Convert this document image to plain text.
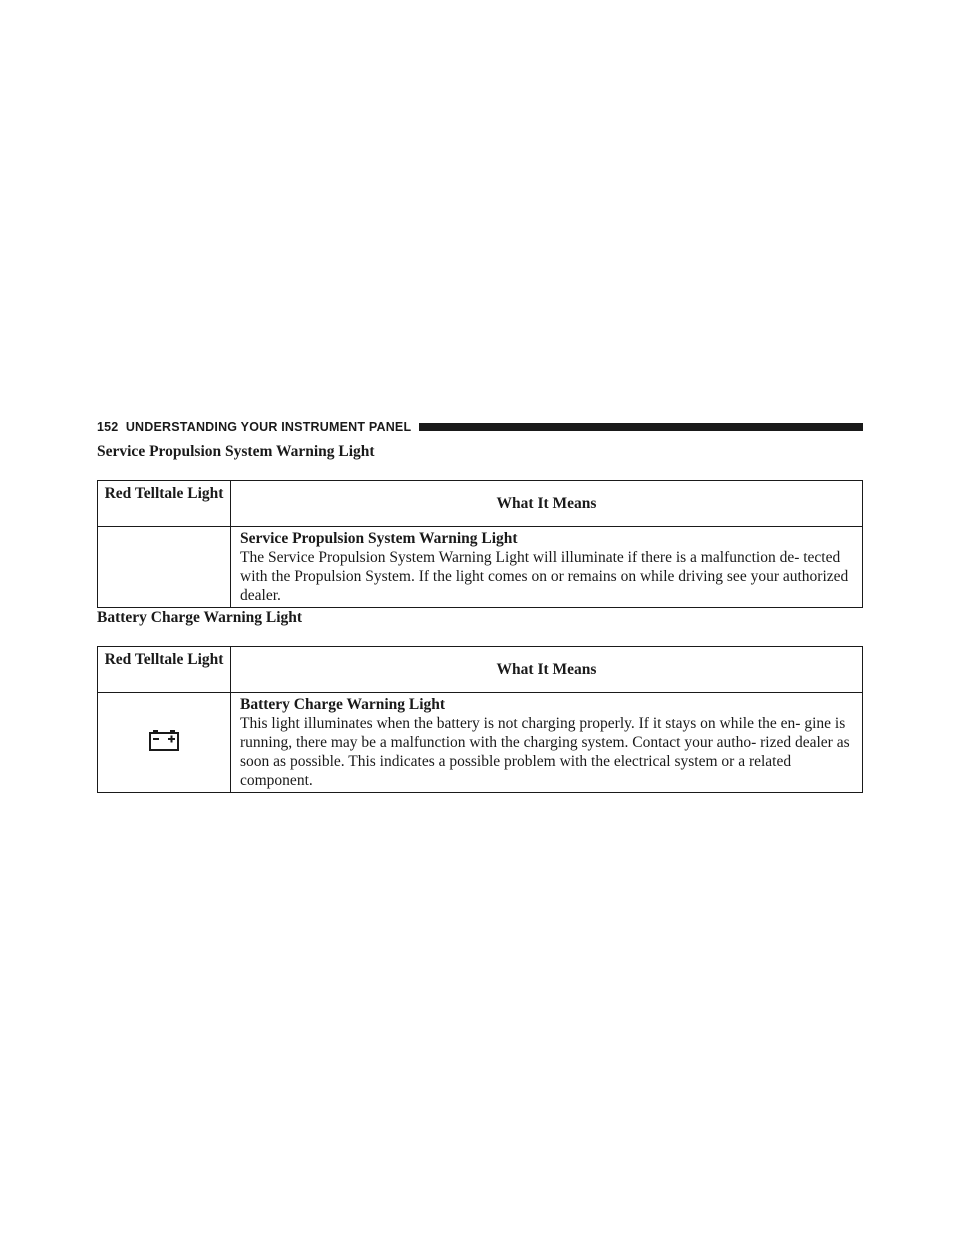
152 UNDERSTANDING YOUR INSTRUMENT PANEL
Service Propulsion System Warning Light
Red Telltale Light	What It Means

	Service Propulsion System Warning Light
The Service Propulsion System Warning Light will illuminate if there is a malfunction de- tected with the Propulsion System. If the light comes on or remains on while driving see your authorized dealer.
Battery Charge Warning Light
Red Telltale Light	What It Means

Battery Charge Warning Light
This light illuminates when the battery is not charging properly. If it stays on while the en- gine is running, there may be a malfunction with the charging system. Contact your autho- rized dealer as soon as possible. This indicates a possible problem with the electrical system or a related component.
